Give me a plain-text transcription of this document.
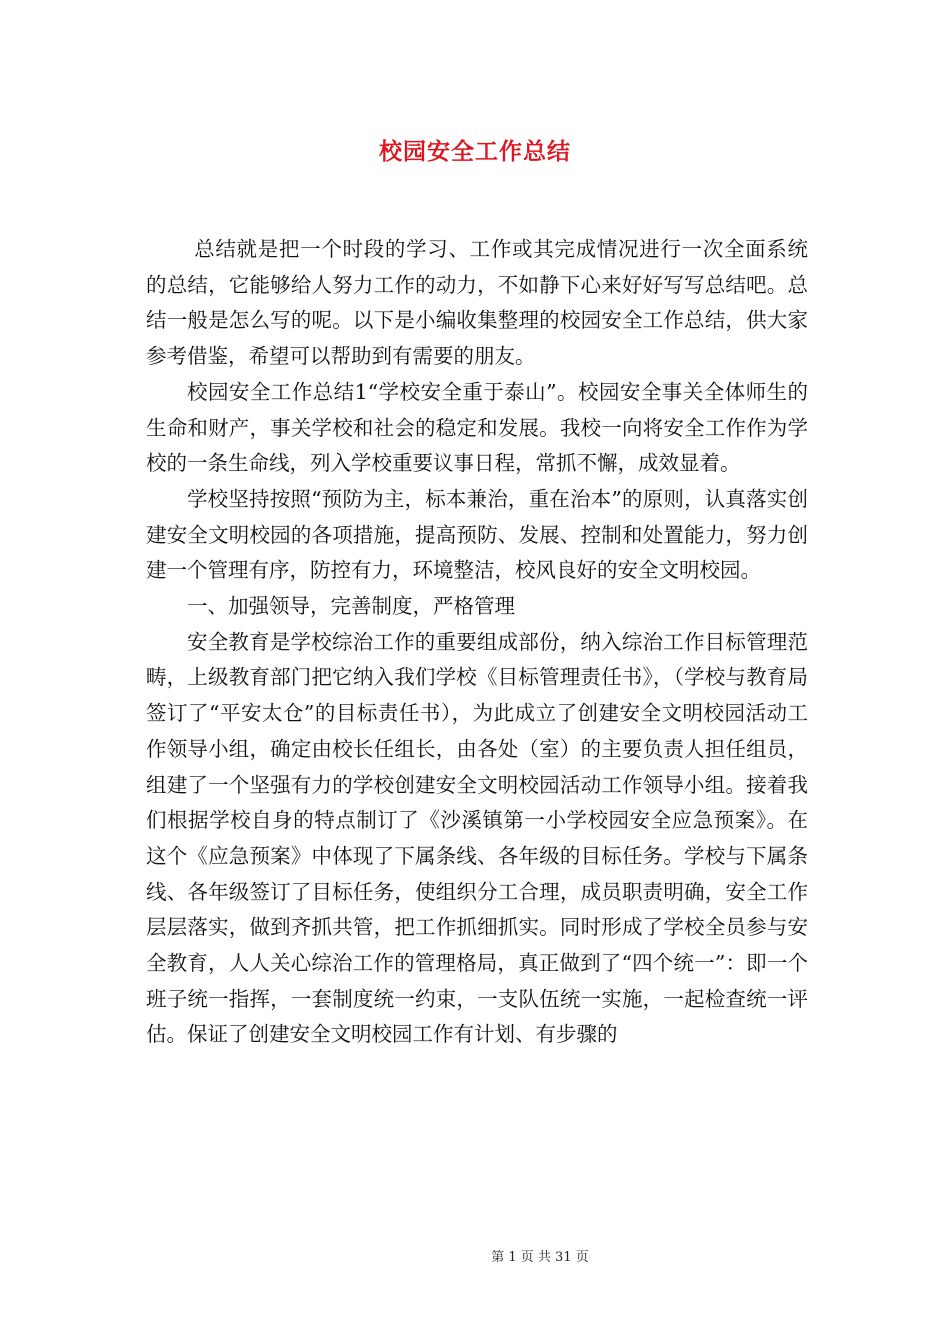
校园安全工作总结

总结就是把一个时段的学习、工作或其完成情况进行一次全面系统的总结，它能够给人努力工作的动力，不如静下心来好好写写总结吧。总结一般是怎么写的呢。以下是小编收集整理的校园安全工作总结，供大家参考借鉴，希望可以帮助到有需要的朋友。

校园安全工作总结1“学校安全重于泰山”。校园安全事关全体师生的生命和财产，事关学校和社会的稳定和发展。我校一向将安全工作作为学校的一条生命线，列入学校重要议事日程，常抓不懈，成效显着。

学校坚持按照“预防为主，标本兼治，重在治本”的原则，认真落实创建安全文明校园的各项措施，提高预防、发展、控制和处置能力，努力创建一个管理有序，防控有力，环境整洁，校风良好的安全文明校园。

一、加强领导，完善制度，严格管理

安全教育是学校综治工作的重要组成部份，纳入综治工作目标管理范畴，上级教育部门把它纳入我们学校《目标管理责任书》，（学校与教育局签订了“平安太仓”的目标责任书），为此成立了创建安全文明校园活动工作领导小组，确定由校长任组长，由各处（室）的主要负责人担任组员，组建了一个坚强有力的学校创建安全文明校园活动工作领导小组。接着我们根据学校自身的特点制订了《沙溪镇第一小学校园安全应急预案》。在这个《应急预案》中体现了下属条线、各年级的目标任务。学校与下属条线、各年级签订了目标任务，使组织分工合理，成员职责明确，安全工作层层落实，做到齐抓共管，把工作抓细抓实。同时形成了学校全员参与安全教育，人人关心综治工作的管理格局，真正做到了“四个统一”：即一个班子统一指挥，一套制度统一约束，一支队伍统一实施，一起检查统一评估。保证了创建安全文明校园工作有计划、有步骤的

第 1 页 共 31 页
